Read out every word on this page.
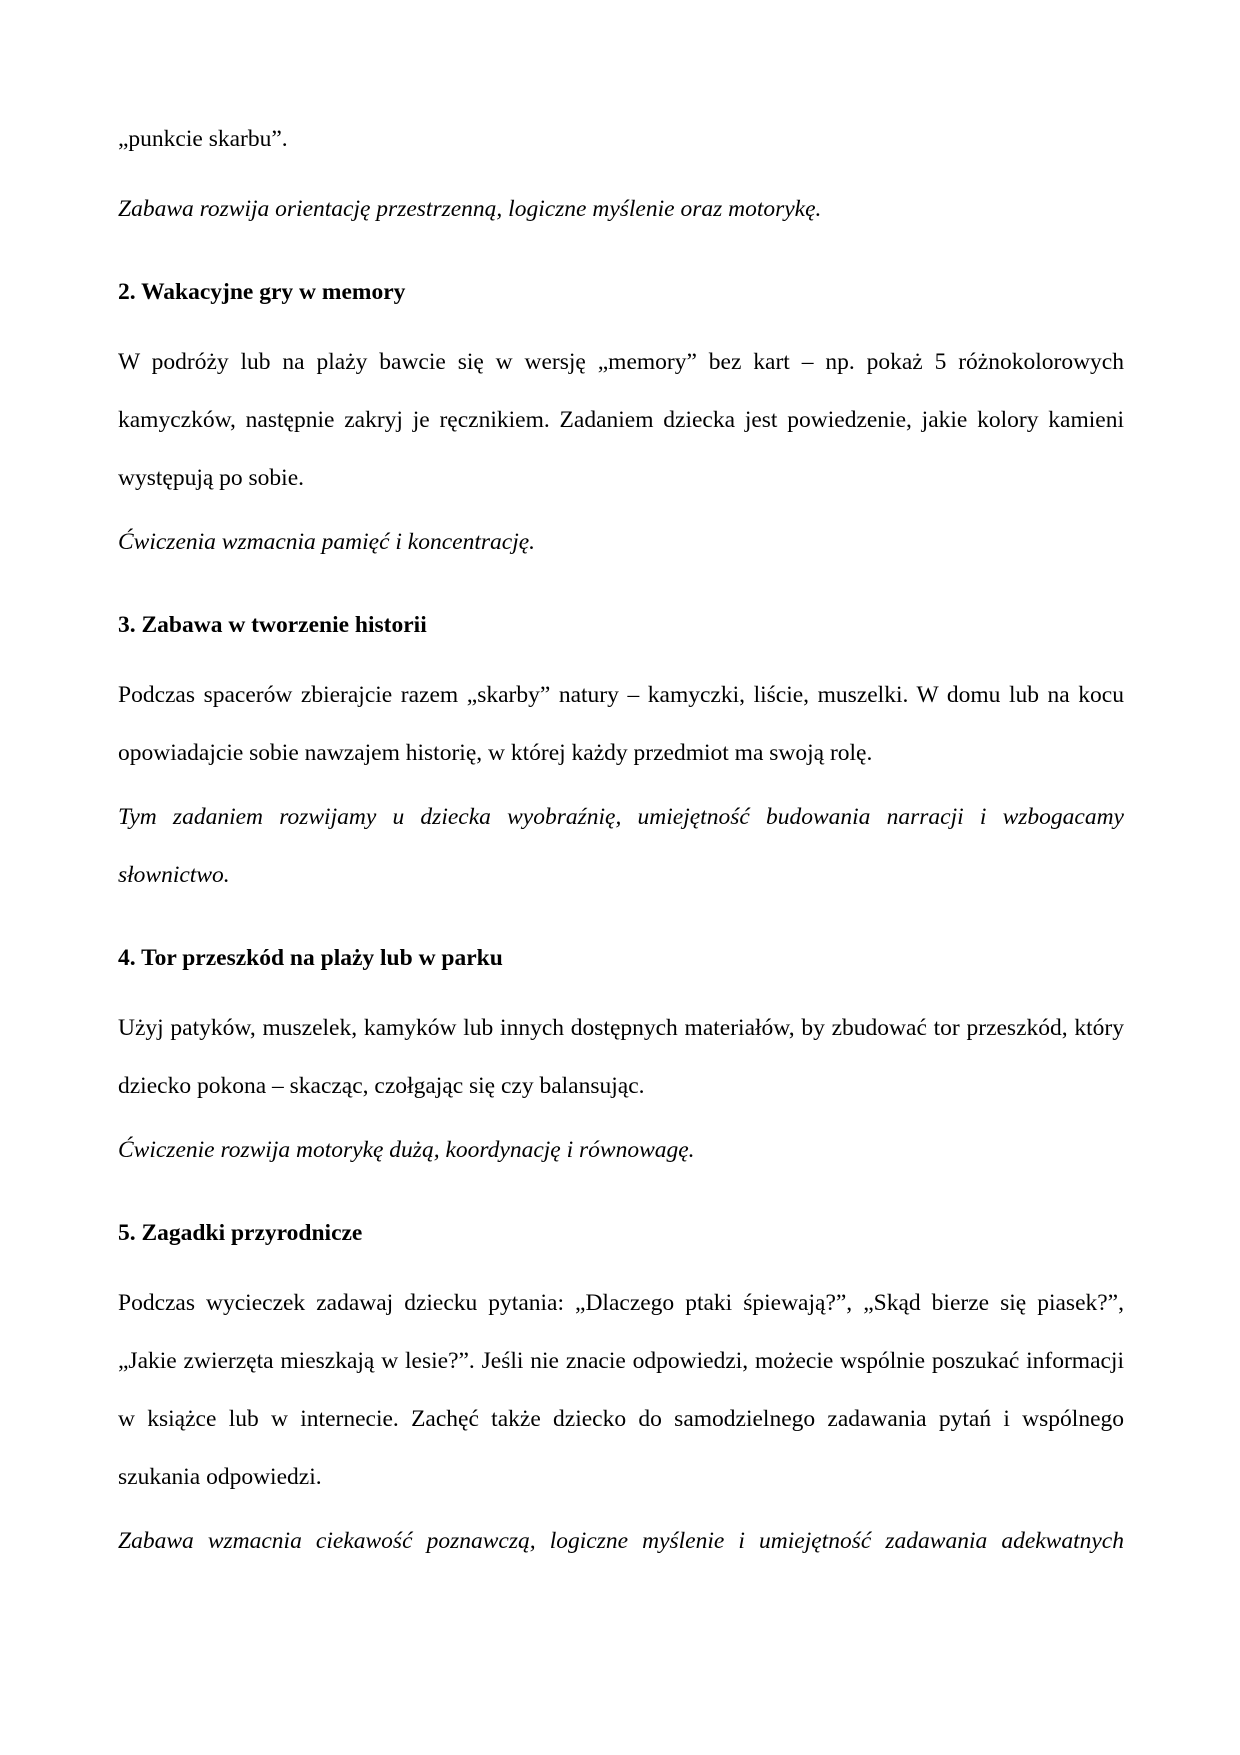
„punkcie skarbu”.

Zabawa rozwija orientację przestrzenną, logiczne myślenie oraz motorykę.

2. Wakacyjne gry w memory

W podróży lub na plaży bawcie się w wersję „memory” bez kart – np. pokaż 5 różnokolorowych kamyczków, następnie zakryj je ręcznikiem. Zadaniem dziecka jest powiedzenie, jakie kolory kamieni występują po sobie.

Ćwiczenia wzmacnia pamięć i koncentrację.

3. Zabawa w tworzenie historii

Podczas spacerów zbierajcie razem „skarby” natury – kamyczki, liście, muszelki. W domu lub na kocu opowiadajcie sobie nawzajem historię, w której każdy przedmiot ma swoją rolę.

Tym zadaniem rozwijamy u dziecka wyobraźnię, umiejętność budowania narracji i wzbogacamy słownictwo.

4. Tor przeszkód na plaży lub w parku

Użyj patyków, muszelek, kamyków lub innych dostępnych materiałów, by zbudować tor przeszkód, który dziecko pokona – skacząc, czołgając się czy balansując.

Ćwiczenie rozwija motorykę dużą, koordynację i równowagę.

5. Zagadki przyrodnicze

Podczas wycieczek zadawaj dziecku pytania: „Dlaczego ptaki śpiewają?”, „Skąd bierze się piasek?”, „Jakie zwierzęta mieszkają w lesie?”. Jeśli nie znacie odpowiedzi, możecie wspólnie poszukać informacji w książce lub w internecie. Zachęć także dziecko do samodzielnego zadawania pytań i wspólnego szukania odpowiedzi.

Zabawa wzmacnia ciekawość poznawczą, logiczne myślenie i umiejętność zadawania adekwatnych
